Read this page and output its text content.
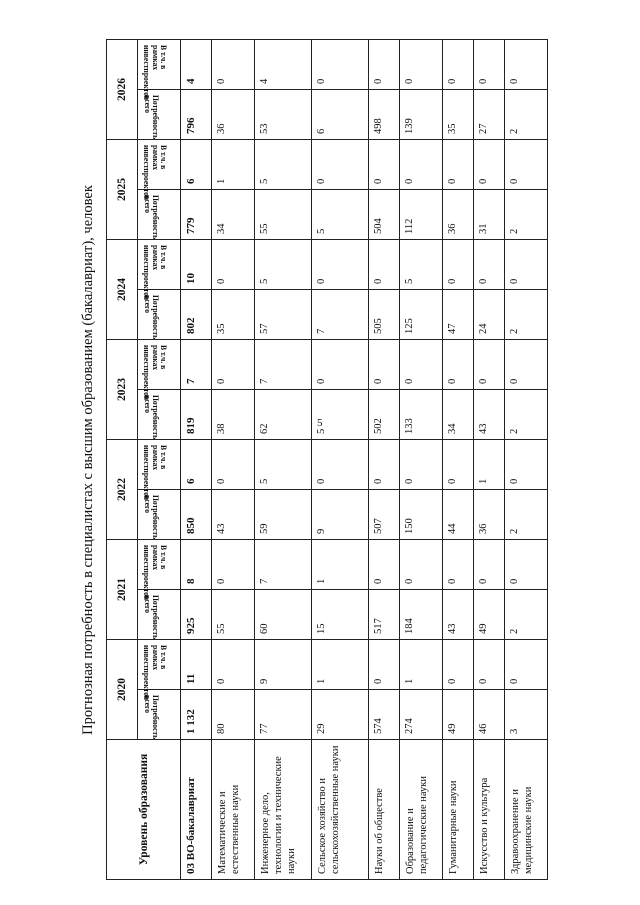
5
Прогнозная потребность в специалистах с высшим образованием (бакалавриат), человек
Уровень образования	2020		2021		2022		2023		2024		2025		2026	

	Потребность всего	В т.ч. в рамках инвестпроектов	Потребность всего	В т.ч. в рамках инвестпроектов	Потребность всего	В т.ч. в рамках инвестпроектов	Потребность всего	В т.ч. в рамках инвестпроектов	Потребность всего	В т.ч. в рамках инвестпроектов	Потребность всего	В т.ч. в рамках инвестпроектов	Потребность всего	В т.ч. в рамках инвестпроектов

03 ВО-бакалавриат	1 132	11	925	8	850	6	819	7	802	10	779	6	796	4
Математические и естественные науки	80	0	55	0	43	0	38	0	35	0	34	1	36	0
Инженерное дело, технологии и технические науки	77	9	60	7	59	5	62	7	57	5	55	5	53	4
Сельское хозяйство и сельскохозяйственные науки	29	1	15	1	9	0	5	0	7	0	5	0	6	0
Науки об обществе	574	0	517	0	507	0	502	0	505	0	504	0	498	0
Образование и педагогические науки	274	1	184	0	150	0	133	0	125	5	112	0	139	0
Гуманитарные науки	49	0	43	0	44	0	34	0	47	0	36	0	35	0
Искусство и культура	46	0	49	0	36	1	43	0	24	0	31	0	27	0
Здравоохранение и медицинские науки	3	0	2	0	2	0	2	0	2	0	2	0	2	0
